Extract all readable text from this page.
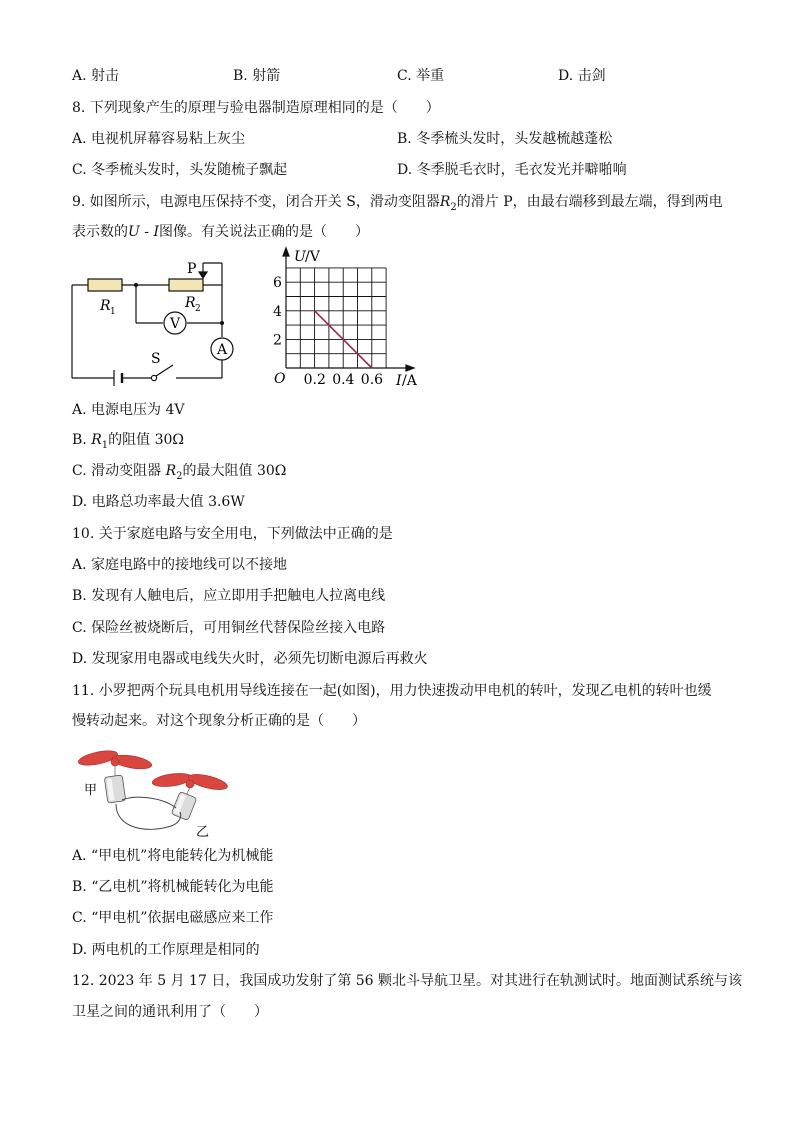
A. 射击	B. 射箭	C. 举重	D. 击剑
8. 下列现象产生的原理与验电器制造原理相同的是（　　）
A. 电视机屏幕容易粘上灰尘	B. 冬季梳头发时，头发越梳越蓬松
C. 冬季梳头发时，头发随梳子飘起	D. 冬季脱毛衣时，毛衣发光并噼啪响
9. 如图所示，电源电压保持不变，闭合开关 S，滑动变阻器$R_2$的滑片 P，由最右端移到最左端，得到两电
表示数的U - I图像。有关说法正确的是（　　）
R 1
R 2
P
V
A
S
U /V
I /A
O
6
4
2
0.2 0.4 0.6
A. 电源电压为 4V
B. $R_1$的阻值 30Ω
C. 滑动变阻器 $R_2$的最大阻值 30Ω
D. 电路总功率最大值 3.6W
10. 关于家庭电路与安全用电，下列做法中正确的是
A. 家庭电路中的接地线可以不接地
B. 发现有人触电后，应立即用手把触电人拉离电线
C. 保险丝被烧断后，可用铜丝代替保险丝接入电路
D. 发现家用电器或电线失火时，必须先切断电源后再救火
11. 小罗把两个玩具电机用导线连接在一起(如图)，用力快速拨动甲电机的转叶，发现乙电机的转叶也缓
慢转动起来。对这个现象分析正确的是（　　）
甲
乙
A. “甲电机”将电能转化为机械能
B. “乙电机”将机械能转化为电能
C. “甲电机”依据电磁感应来工作
D. 两电机的工作原理是相同的
12. 2023 年 5 月 17 日，我国成功发射了第 56 颗北斗导航卫星。对其进行在轨测试时。地面测试系统与该
卫星之间的通讯利用了（　　）
